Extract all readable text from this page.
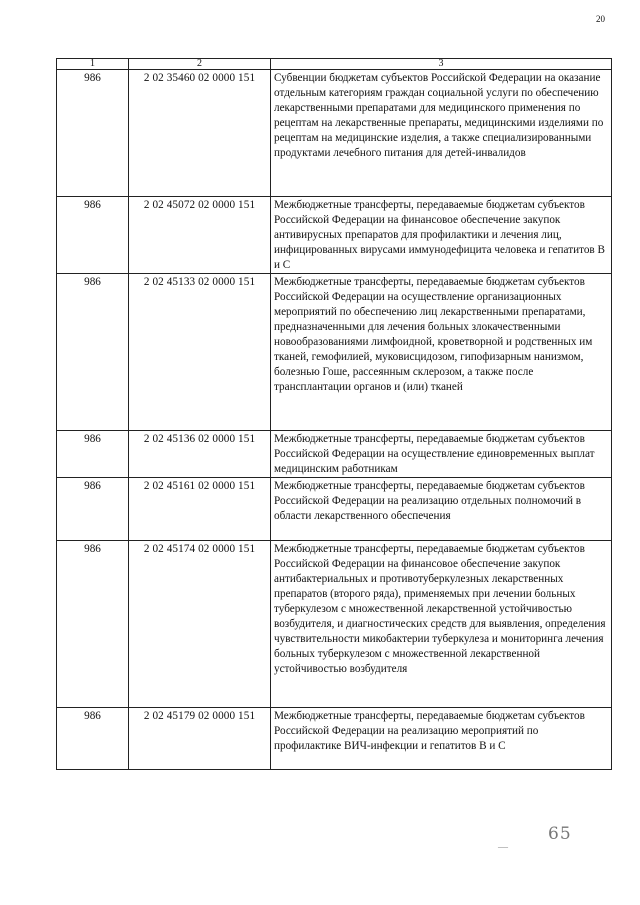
20
1	2	3
986	2 02 35460 02 0000 151	Субвенции бюджетам субъектов Российской Федерации на оказание отдельным категориям граждан социальной услуги по обеспечению лекарственными препаратами для медицинского применения по рецептам на лекарственные препараты, медицинскими изделиями по рецептам на медицинские изделия, а также специализированными продуктами лечебного питания для детей-инвалидов
986	2 02 45072 02 0000 151	Межбюджетные трансферты, передаваемые бюджетам субъектов Российской Федерации на финансовое обеспечение закупок антивирусных препаратов для профилактики и лечения лиц, инфицированных вирусами иммунодефицита человека и гепатитов В и С
986	2 02 45133 02 0000 151	Межбюджетные трансферты, передаваемые бюджетам субъектов Российской Федерации на осуществление организационных мероприятий по обеспечению лиц лекарственными препаратами, предназначенными для лечения больных злокачественными новообразованиями лимфоидной, кроветворной и родственных им тканей, гемофилией, муковисцидозом, гипофизарным нанизмом, болезнью Гоше, рассеянным склерозом, а также после трансплантации органов и (или) тканей
986	2 02 45136 02 0000 151	Межбюджетные трансферты, передаваемые бюджетам субъектов Российской Федерации на осуществление единовременных выплат медицинским работникам
986	2 02 45161 02 0000 151	Межбюджетные трансферты, передаваемые бюджетам субъектов Российской Федерации на реализацию отдельных полномочий в области лекарственного обеспечения
986	2 02 45174 02 0000 151	Межбюджетные трансферты, передаваемые бюджетам субъектов Российской Федерации на финансовое обеспечение закупок антибактериальных и противотуберкулезных лекарственных препаратов (второго ряда), применяемых при лечении больных туберкулезом с множественной лекарственной устойчивостью возбудителя, и диагностических средств для выявления, определения чувствительности микобактерии туберкулеза и мониторинга лечения больных туберкулезом с множественной лекарственной устойчивостью возбудителя
986	2 02 45179 02 0000 151	Межбюджетные трансферты, передаваемые бюджетам субъектов Российской Федерации на реализацию мероприятий по профилактике ВИЧ-инфекции и гепатитов В и С
—
65
